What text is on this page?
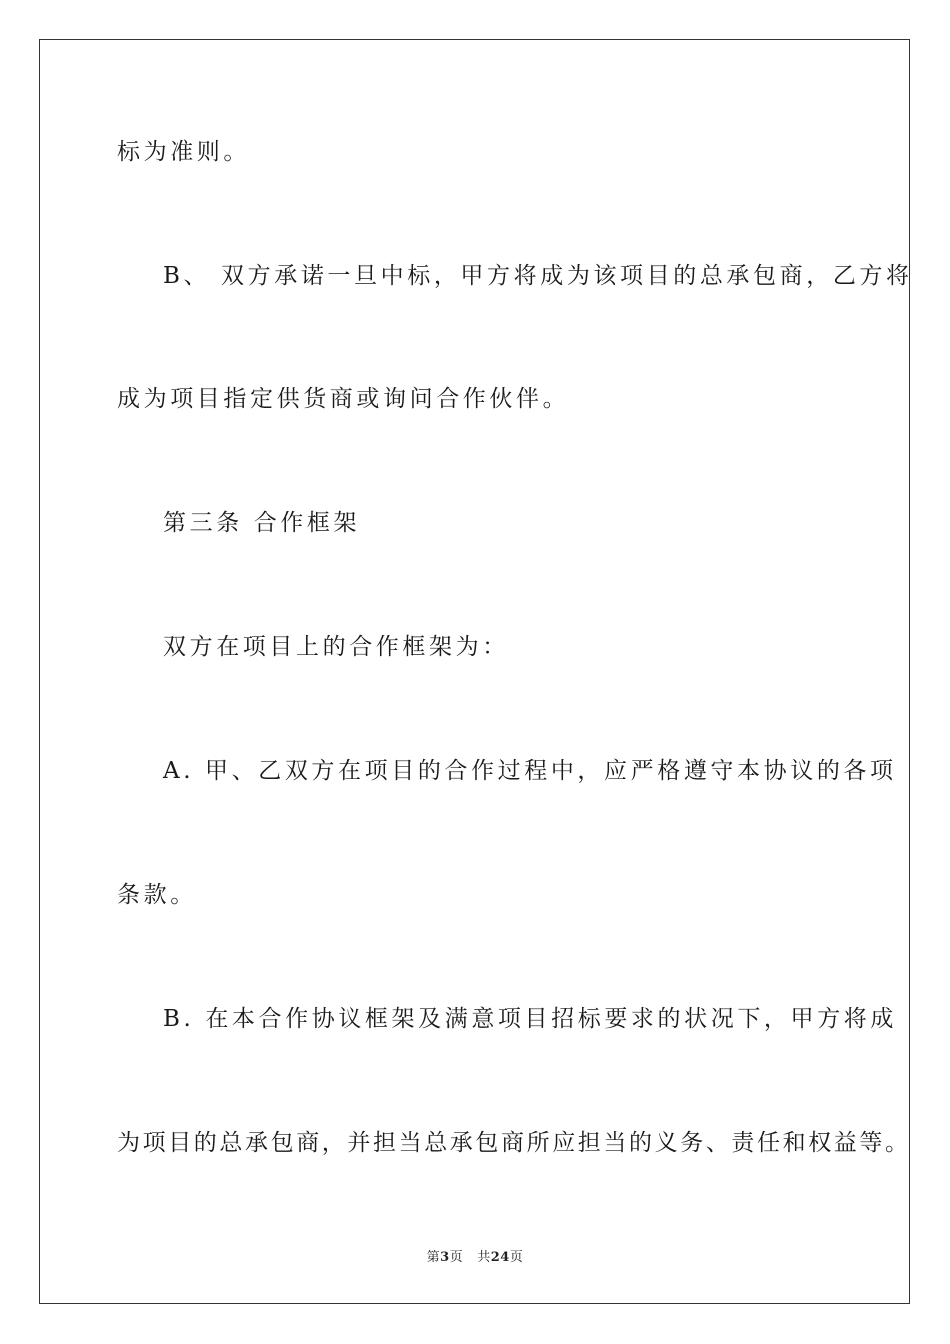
标为准则。
B、 双方承诺一旦中标，甲方将成为该项目的总承包商，乙方将
成为项目指定供货商或询问合作伙伴。
第三条 合作框架
双方在项目上的合作框架为：
A. 甲、乙双方在项目的合作过程中，应严格遵守本协议的各项
条款。
B. 在本合作协议框架及满意项目招标要求的状况下，甲方将成
为项目的总承包商，并担当总承包商所应担当的义务、责任和权益等。
第3页 共24页
